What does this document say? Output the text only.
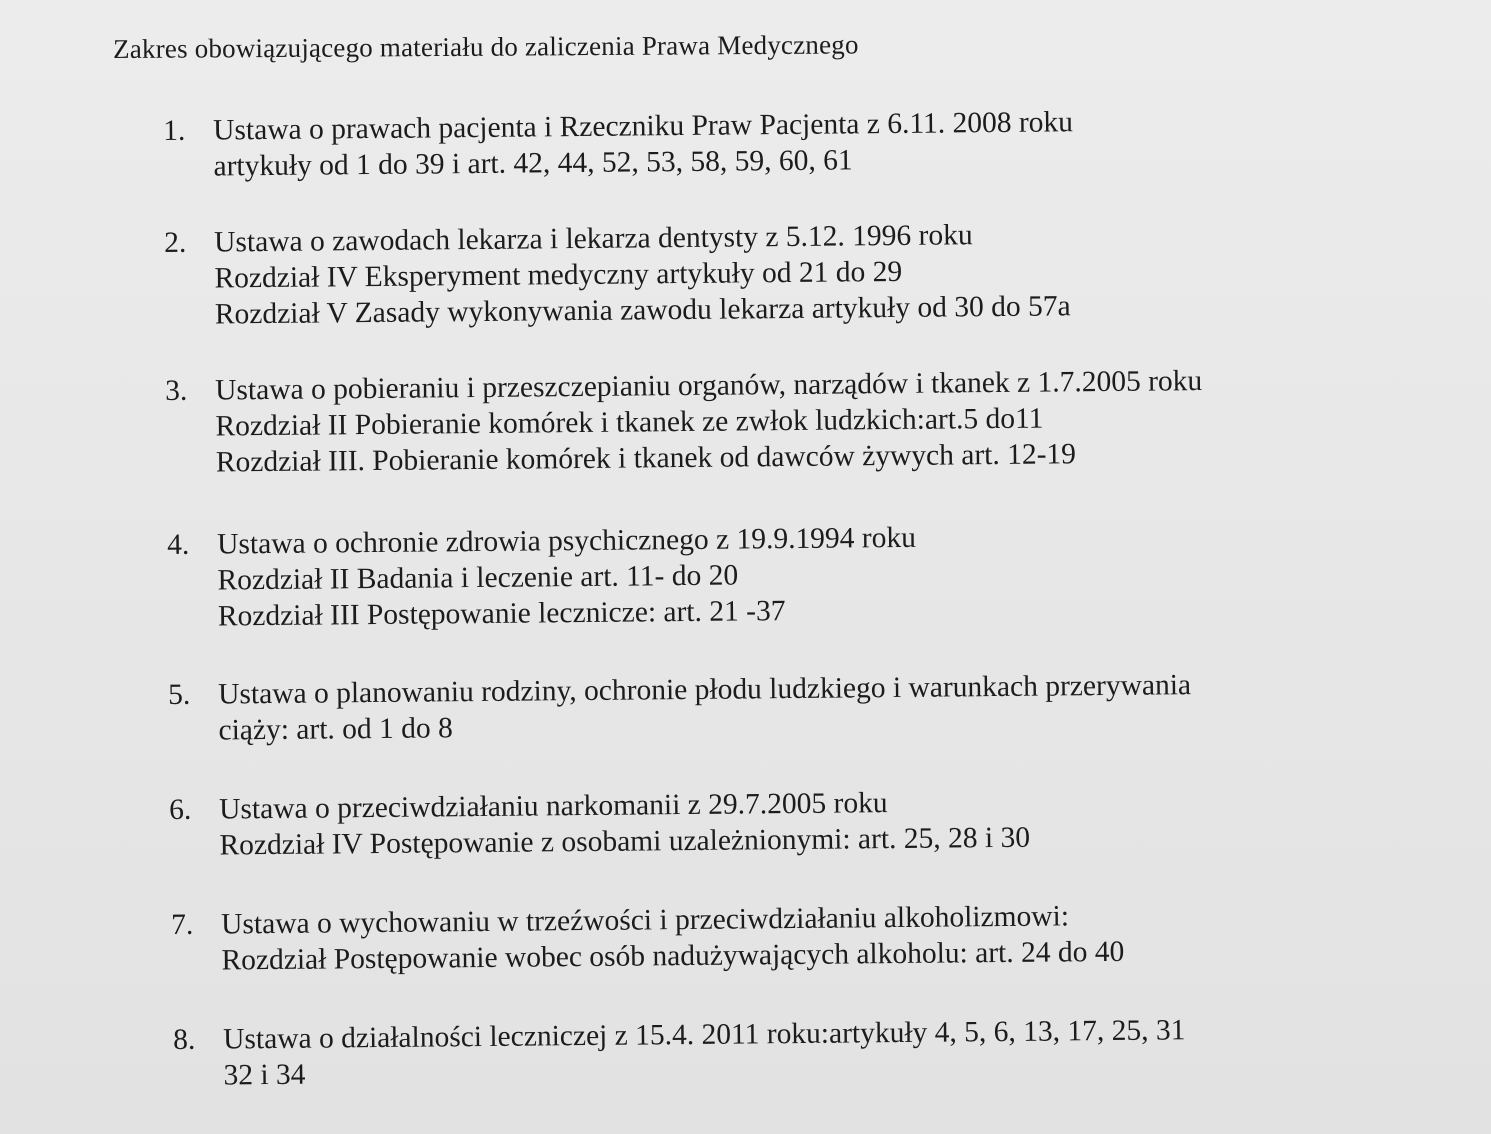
Zakres obowiązującego materiału do zaliczenia Prawa Medycznego
1. Ustawa o prawach pacjenta i Rzeczniku Praw Pacjenta z 6.11. 2008 roku
artykuły od 1 do 39 i art. 42, 44, 52, 53, 58, 59, 60, 61
2. Ustawa o zawodach lekarza i lekarza dentysty z 5.12. 1996 roku
Rozdział IV Eksperyment medyczny artykuły od 21 do 29
Rozdział V Zasady wykonywania zawodu lekarza artykuły od 30 do 57a
3. Ustawa o pobieraniu i przeszczepianiu organów, narządów i tkanek z 1.7.2005 roku
Rozdział II Pobieranie komórek i tkanek ze zwłok ludzkich:art.5 do11
Rozdział III. Pobieranie komórek i tkanek od dawców żywych art. 12-19
4. Ustawa o ochronie zdrowia psychicznego z 19.9.1994 roku
Rozdział II Badania i leczenie art. 11- do 20
Rozdział III Postępowanie lecznicze: art. 21 -37
5. Ustawa o planowaniu rodziny, ochronie płodu ludzkiego i warunkach przerywania
ciąży: art. od 1 do 8
6. Ustawa o przeciwdziałaniu narkomanii z 29.7.2005 roku
Rozdział IV Postępowanie z osobami uzależnionymi: art. 25, 28 i 30
7. Ustawa o wychowaniu w trzeźwości i przeciwdziałaniu alkoholizmowi:
Rozdział Postępowanie wobec osób nadużywających alkoholu: art. 24 do 40
8. Ustawa o działalności leczniczej z 15.4. 2011 roku:artykuły 4, 5, 6, 13, 17, 25, 31
32 i 34
